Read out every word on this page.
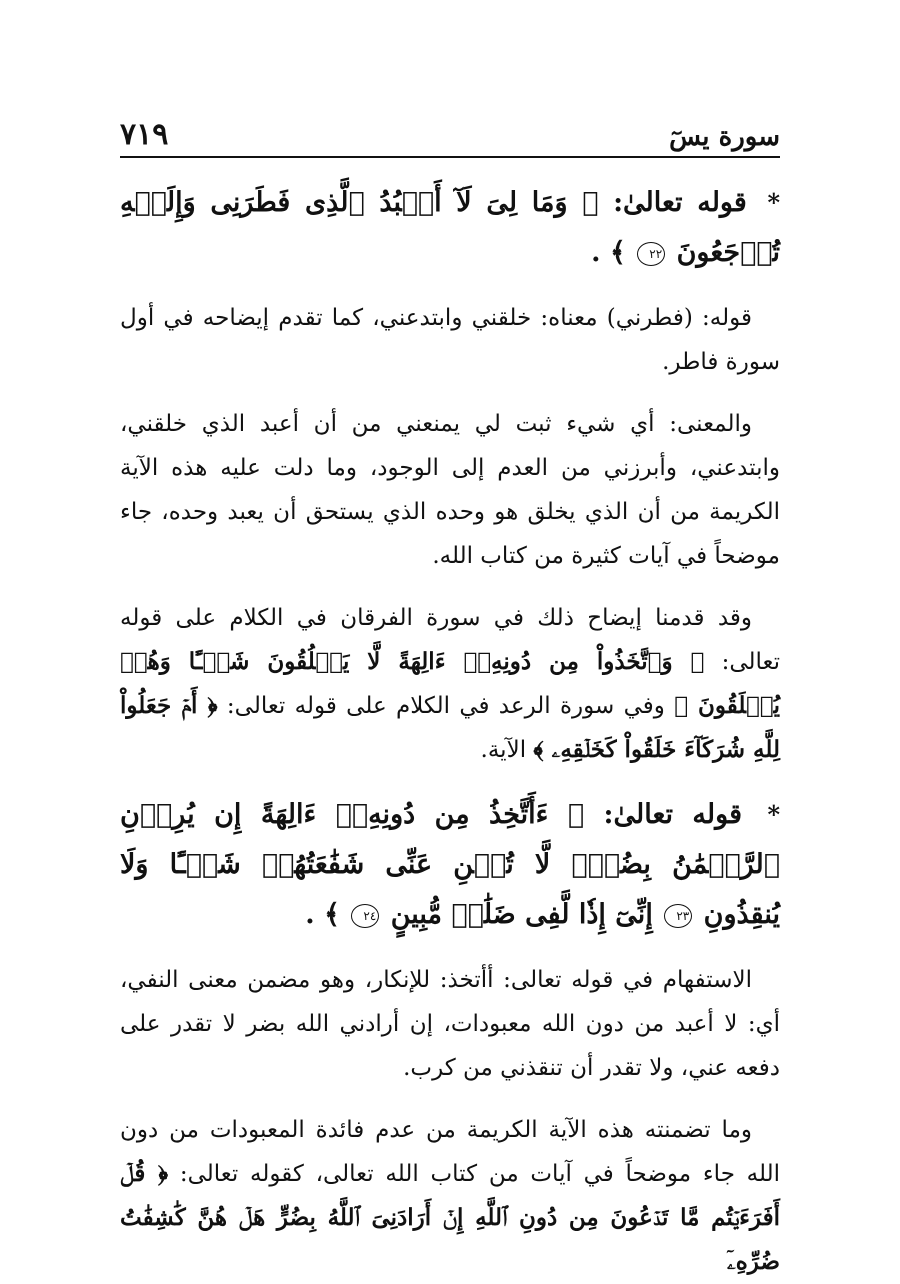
سورة يسٓ
٧١٩
* قوله تعالىٰ: ﴿ وَمَا لِىَ لَآ أَعۡبُدُ ٱلَّذِى فَطَرَنِى وَإِلَيۡهِ تُرۡجَعُونَ ٢٢ ﴾ .
قوله: (فطرني) معناه: خلقني وابتدعني، كما تقدم إيضاحه في أول سورة فاطر.
والمعنى: أي شيء ثبت لي يمنعني من أن أعبد الذي خلقني، وابتدعني، وأبرزني من العدم إلى الوجود، وما دلت عليه هذه الآية الكريمة من أن الذي يخلق هو وحده الذي يستحق أن يعبد وحده، جاء موضحاً في آيات كثيرة من كتاب الله.
وقد قدمنا إيضاح ذلك في سورة الفرقان في الكلام على قوله تعالى: ﴿ وَٱتَّخَذُواْ مِن دُونِهِۦٓ ءَالِهَةً لَّا يَخۡلُقُونَ شَيۡـًٔا وَهُمۡ يُخۡلَقُونَ ﴾ وفي سورة الرعد في الكلام على قوله تعالى: ﴿ أَمۡ جَعَلُواْ لِلَّهِ شُرَكَآءَ خَلَقُواْ كَخَلۡقِهِۦ ﴾ الآية.
* قوله تعالىٰ: ﴿ ءَأَتَّخِذُ مِن دُونِهِۦٓ ءَالِهَةً إِن يُرِدۡنِ ٱلرَّحۡمَٰنُ بِضُرّٖ لَّا تُغۡنِ عَنِّى شَفَٰعَتُهُمۡ شَيۡـًٔا وَلَا يُنقِذُونِ ٢٣ إِنِّىٓ إِذٗا لَّفِى ضَلَٰلٖ مُّبِينٍ ٢٤ ﴾ .
الاستفهام في قوله تعالى: أأتخذ: للإنكار، وهو مضمن معنى النفي، أي: لا أعبد من دون الله معبودات، إن أرادني الله بضر لا تقدر على دفعه عني، ولا تقدر أن تنقذني من كرب.
وما تضمنته هذه الآية الكريمة من عدم فائدة المعبودات من دون الله جاء موضحاً في آيات من كتاب الله تعالى، كقوله تعالى: ﴿ قُلۡ أَفَرَءَيۡتُم مَّا تَدۡعُونَ مِن دُونِ ٱللَّهِ إِنۡ أَرَادَنِىَ ٱللَّهُ بِضُرٍّ هَلۡ هُنَّ كَٰشِفَٰتُ ضُرِّهِۦٓ
